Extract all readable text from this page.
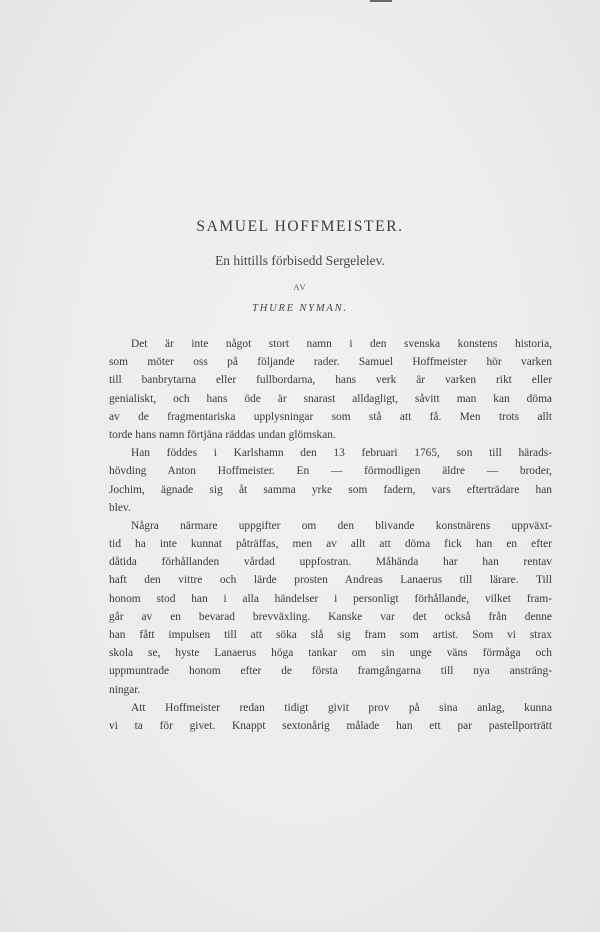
SAMUEL HOFFMEISTER.
En hittills förbisedd Sergelelev.
AV
THURE NYMAN.
Det är inte något stort namn i den svenska konstens historia,
som möter oss på följande rader. Samuel Hoffmeister hör varken
till banbrytarna eller fullbordarna, hans verk är varken rikt eller
genialiskt, och hans öde är snarast alldagligt, såvitt man kan döma
av de fragmentariska upplysningar som stå att få. Men trots allt
torde hans namn förtjäna räddas undan glömskan.
Han föddes i Karlshamn den 13 februari 1765, son till härads-
hövding Anton Hoffmeister. En — förmodligen äldre — broder,
Jochim, ägnade sig åt samma yrke som fadern, vars efterträdare han
blev.
Några närmare uppgifter om den blivande konstnärens uppväxt-
tid ha inte kunnat påträffas, men av allt att döma fick han en efter
dåtida förhållanden vårdad uppfostran. Måhända har han rentav
haft den vittre och lärde prosten Andreas Lanaerus till lärare. Till
honom stod han i alla händelser i personligt förhållande, vilket fram-
går av en bevarad brevväxling. Kanske var det också från denne
han fått impulsen till att söka slå sig fram som artist. Som vi strax
skola se, hyste Lanaerus höga tankar om sin unge väns förmåga och
uppmuntrade honom efter de första framgångarna till nya ansträng-
ningar.
Att Hoffmeister redan tidigt givit prov på sina anlag, kunna
vi ta för givet. Knappt sextonårig målade han ett par pastellporträtt
